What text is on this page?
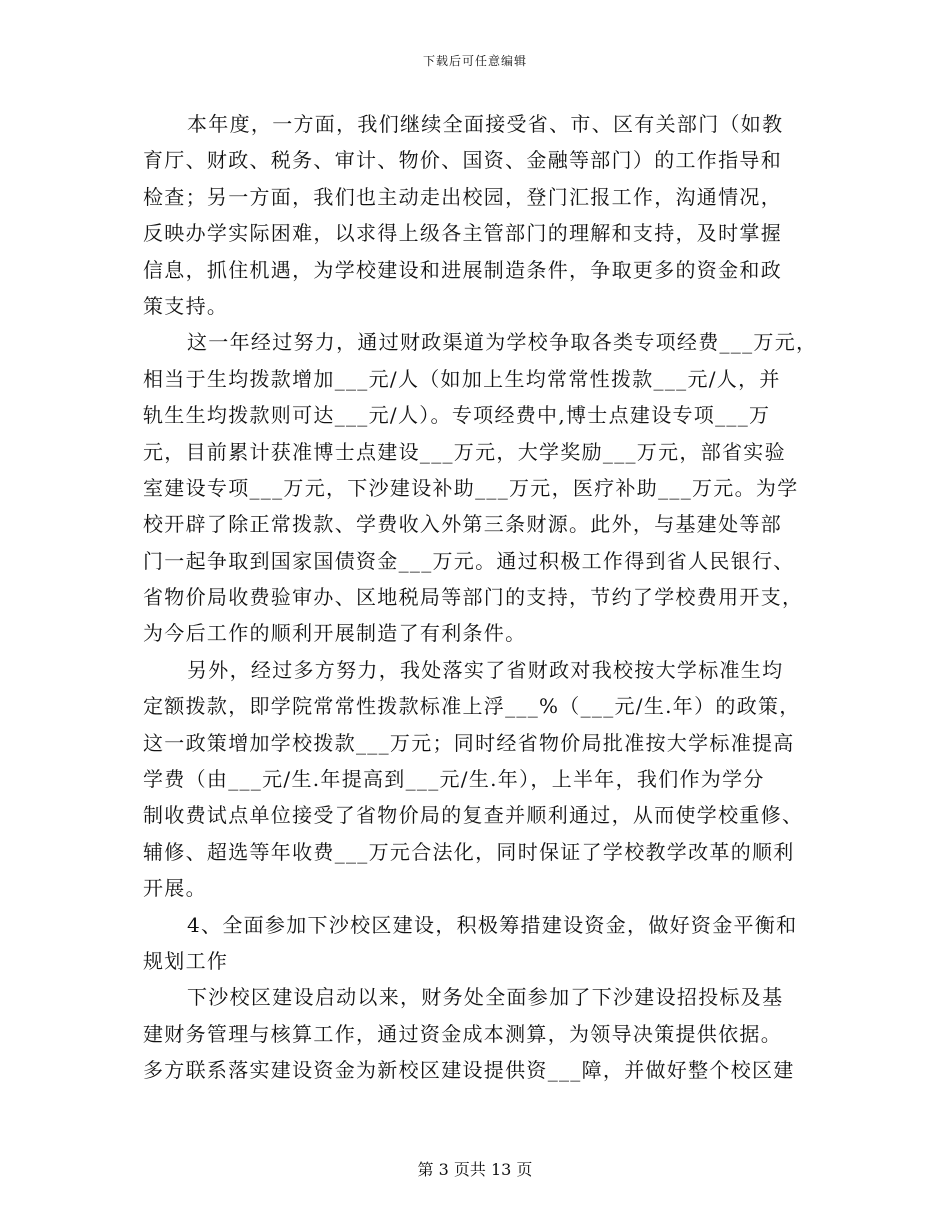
下载后可任意编辑
本年度，一方面，我们继续全面接受省、市、区有关部门（如教
育厅、财政、税务、审计、物价、国资、金融等部门）的工作指导和
检查；另一方面，我们也主动走出校园，登门汇报工作，沟通情况，
反映办学实际困难，以求得上级各主管部门的理解和支持，及时掌握
信息，抓住机遇，为学校建设和进展制造条件，争取更多的资金和政
策支持。
这一年经过努力，通过财政渠道为学校争取各类专项经费___万元，
相当于生均拨款增加___元/人（如加上生均常常性拨款___元/人，并
轨生生均拨款则可达___元/人）。专项经费中,博士点建设专项___万
元，目前累计获准博士点建设___万元，大学奖励___万元，部省实验
室建设专项___万元，下沙建设补助___万元，医疗补助___万元。为学
校开辟了除正常拨款、学费收入外第三条财源。此外，与基建处等部
门一起争取到国家国债资金___万元。通过积极工作得到省人民银行、
省物价局收费验审办、区地税局等部门的支持，节约了学校费用开支，
为今后工作的顺利开展制造了有利条件。
另外，经过多方努力，我处落实了省财政对我校按大学标准生均
定额拨款，即学院常常性拨款标准上浮___%（___元/生.年）的政策，
这一政策增加学校拨款___万元；同时经省物价局批准按大学标准提高
学费（由___元/生.年提高到___元/生.年），上半年，我们作为学分
制收费试点单位接受了省物价局的复查并顺利通过，从而使学校重修、
辅修、超选等年收费___万元合法化，同时保证了学校教学改革的顺利
开展。
4、全面参加下沙校区建设，积极筹措建设资金，做好资金平衡和
规划工作
下沙校区建设启动以来，财务处全面参加了下沙建设招投标及基
建财务管理与核算工作，通过资金成本测算，为领导决策提供依据。
多方联系落实建设资金为新校区建设提供资___障，并做好整个校区建
第 3 页共 13 页
